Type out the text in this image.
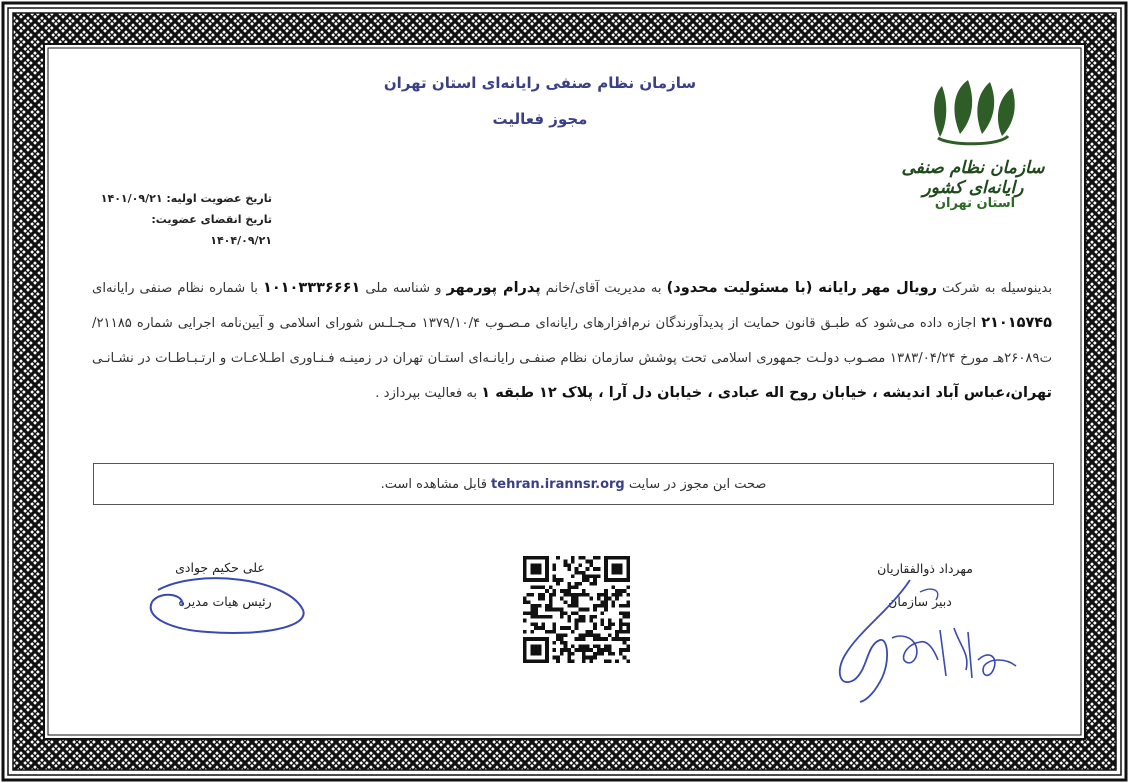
سازمان نظام صنفی رایانه‌ای استان تهران
مجوز فعالیت
تاریخ عضویت اولیه: ۱۴۰۱/۰۹/۲۱
تاریخ انقضای عضویت: ۱۴۰۴/۰۹/۲۱
سازمان نظام صنفی رایانه‌ای کشور
استان تهران

بدینوسیله به شرکت رویال مهر رایانه (با مسئولیت محدود) به مدیریت آقای/خانم پدرام پورمهر و شناسه ملی ۱۰۱۰۳۳۳۶۶۶۱ با شماره نظام صنفی رایانه‌ای ۲۱۰۱۵۷۴۵ اجازه داده می‌شود که طبـق قانون حمایت از پدیدآورندگان نرم‌افزارهای رایانه‌ای مـصـوب ۱۳۷۹/۱۰/۴ مـجـلـس شورای اسلامی و آیین‌نامه اجرایی شماره ۲۱۱۸۵/ت۲۶۰۸۹هـ مورخ ۱۳۸۳/۰۴/۲۴ مصـوب دولـت جمهوری اسلامی تحت پوشش سازمان نظام صنفـی رایانـه‌ای استـان تهران در زمینـه فـنـاوری اطـلاعـات و ارتـبـاطـات در نشـانـی تهران،عباس آباد اندیشه ، خیابان روح اله عبادی ، خیابان دل آرا ، پلاک ۱۲ طبقه ۱ به فعالیت بپردازد .

صحت این مجوز در سایت tehran.irannsr.org قابل مشاهده است.
علی حکیم جوادی
رئیس هیات مدیره
مهرداد ذوالفقاریان
دبیر سازمان
